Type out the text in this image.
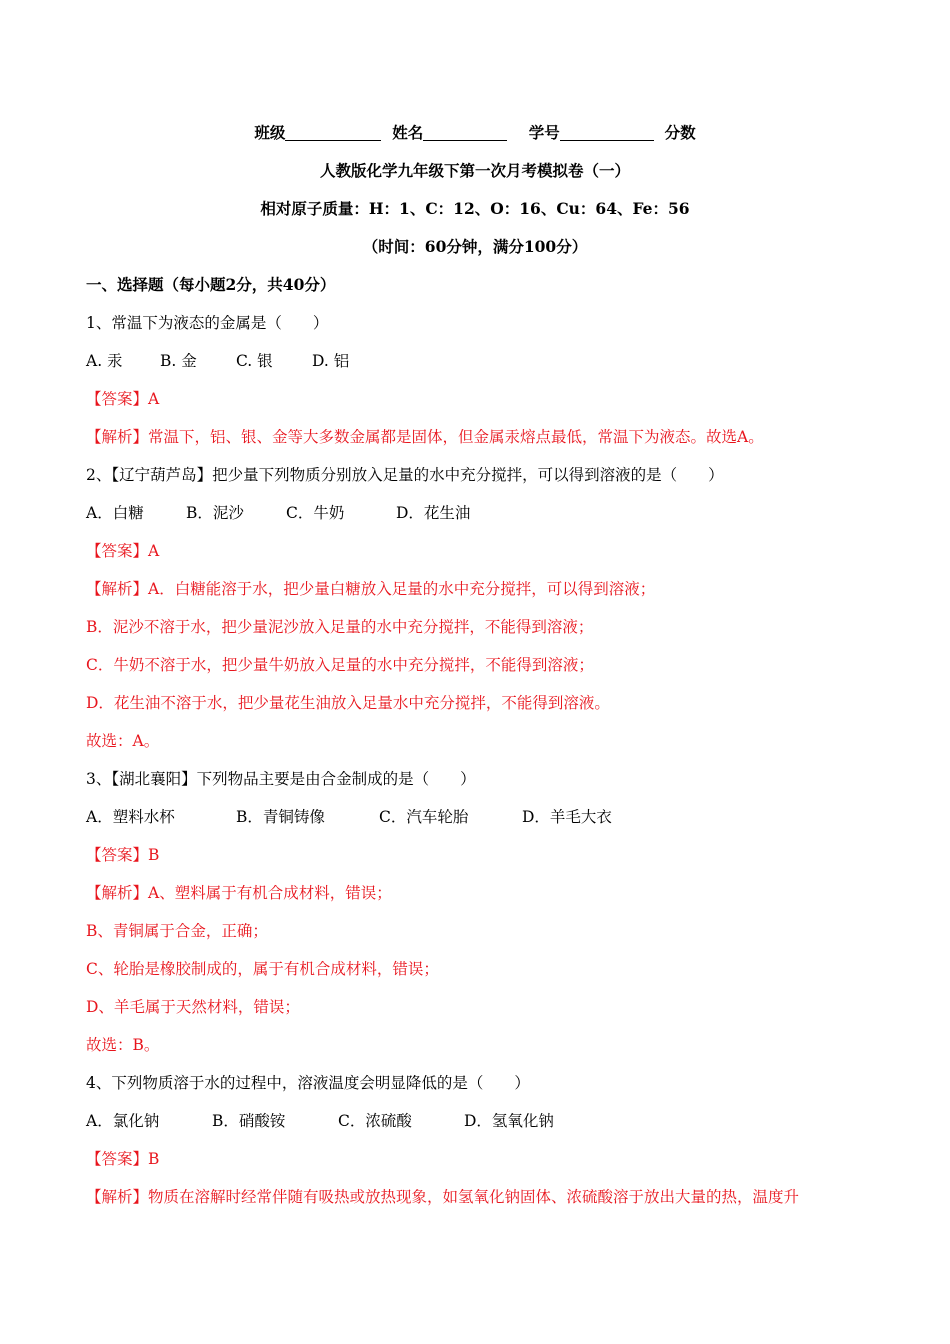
班级	姓名	学号	分数
人教版化学九年级下第一次月考模拟卷（一）
相对原子质量：H：1、C：12、O：16、Cu：64、Fe：56
（时间：60分钟，满分100分）
一、选择题（每小题2分，共40分）
1、常温下为液态的金属是（　　）
A. 汞 B. 金	C. 银	D. 铝
【答案】A
【解析】常温下，铝、银、金等大多数金属都是固体，但金属汞熔点最低，常温下为液态。故选A。
2、【辽宁葫芦岛】把少量下列物质分别放入足量的水中充分搅拌，可以得到溶液的是（　　）
A．白糖	B．泥沙	C．牛奶	D．花生油
【答案】A
【解析】A．白糖能溶于水，把少量白糖放入足量的水中充分搅拌，可以得到溶液；
B．泥沙不溶于水，把少量泥沙放入足量的水中充分搅拌，不能得到溶液；
C．牛奶不溶于水，把少量牛奶放入足量的水中充分搅拌，不能得到溶液；
D．花生油不溶于水，把少量花生油放入足量水中充分搅拌，不能得到溶液。
故选：A。
3、【湖北襄阳】下列物品主要是由合金制成的是（　　）
A．塑料水杯	B．青铜铸像	C．汽车轮胎	D．羊毛大衣
【答案】B
【解析】A、塑料属于有机合成材料，错误；
B、青铜属于合金，正确；
C、轮胎是橡胶制成的，属于有机合成材料，错误；
D、羊毛属于天然材料，错误；
故选：B。
4、下列物质溶于水的过程中，溶液温度会明显降低的是（　　）
A．氯化钠	B．硝酸铵	C．浓硫酸	D．氢氧化钠
【答案】B
【解析】物质在溶解时经常伴随有吸热或放热现象，如氢氧化钠固体、浓硫酸溶于放出大量的热，温度升
